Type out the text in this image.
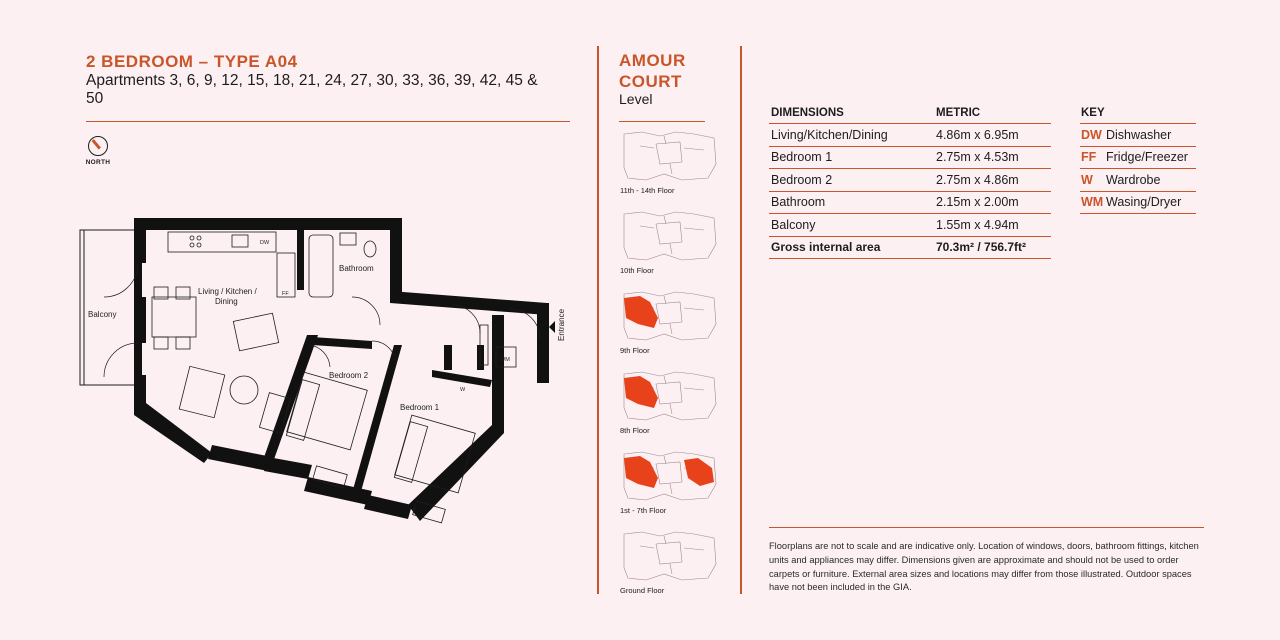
2 BEDROOM – TYPE A04
Apartments 3, 6, 9, 12, 15, 18, 21, 24, 27, 30, 33, 36, 39, 42, 45 & 50
NORTH
Living / Kitchen /
Dining
Bathroom
Balcony
Bedroom 2
Bedroom 1
Entrance
DW
FF
WM
W
AMOUR
COURT
Level
11th - 14th Floor
10th Floor
9th Floor
8th Floor
1st - 7th Floor
Ground Floor
DIMENSIONS	METRIC
Living/Kitchen/Dining	4.86m x 6.95m
Bedroom 1	2.75m x 4.53m
Bedroom 2	2.75m x 4.86m
Bathroom	2.15m x 2.00m
Balcony	1.55m x 4.94m
Gross internal area	70.3m² / 756.7ft²
KEY
DW Dishwasher
FF Fridge/Freezer
W Wardrobe
WM Wasing/Dryer
Floorplans are not to scale and are indicative only. Location of windows, doors, bathroom fittings, kitchen units and appliances may differ. Dimensions given are approximate and should not be used to order carpets or furniture. External area sizes and locations may differ from those illustrated. Outdoor spaces have not been included in the GIA.
